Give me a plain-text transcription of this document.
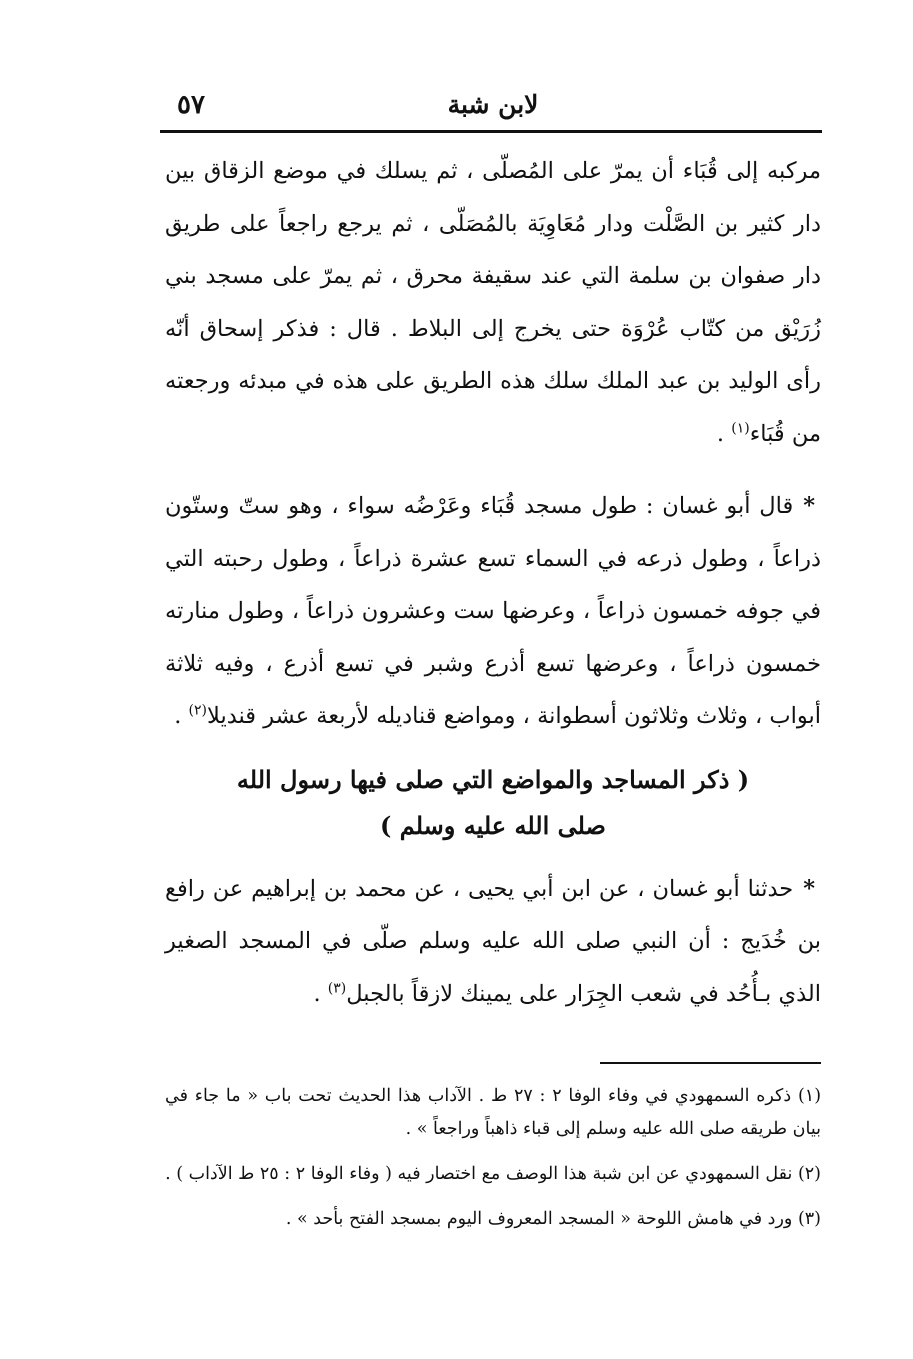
لابن شبة
٥٧

مركبه إلى قُبَاء أن يمرّ على المُصلّى ، ثم يسلك في موضع الزقاق بين دار كثير بن الصَّلْت ودار مُعَاوِيَة بالمُصَلّى ، ثم يرجع راجعاً على طريق دار صفوان بن سلمة التي عند سقيفة محرق ، ثم يمرّ على مسجد بني زُرَيْق من كتّاب عُرْوَة حتى يخرج إلى البلاط . قال : فذكر إسحاق أنّه رأى الوليد بن عبد الملك سلك هذه الطريق على هذه في مبدئه ورجعته من قُبَاء$^{(١)}$ .

*قال أبو غسان : طول مسجد قُبَاء وعَرْضُه سواء ، وهو ستّ وستّون ذراعاً ، وطول ذرعه في السماء تسع عشرة ذراعاً ، وطول رحبته التي في جوفه خمسون ذراعاً ، وعرضها ست وعشرون ذراعاً ، وطول منارته خمسون ذراعاً ، وعرضها تسع أذرع وشبر في تسع أذرع ، وفيه ثلاثة أبواب ، وثلاث وثلاثون أسطوانة ، ومواضع قناديله لأربعة عشر قنديلا$^{(٢)}$ .

( ذكر المساجد والمواضع التي صلى فيها رسول الله
صلى الله عليه وسلم )

*حدثنا أبو غسان ، عن ابن أبي يحيى ، عن محمد بن إبراهيم عن رافع بن خُدَيج : أن النبي صلى الله عليه وسلم صلّى في المسجد الصغير الذي بـأُحُد في شعب الجِرَار على يمينك لازقاً بالجبل$^{(٣)}$ .

(١) ذكره السمهودي في وفاء الوفا ٢ : ٢٧ ط . الآداب هذا الحديث تحت باب « ما جاء في بيان طريقه صلى الله عليه وسلم إلى قباء ذاهباً وراجعاً » .

(٢) نقل السمهودي عن ابن شبة هذا الوصف مع اختصار فيه ( وفاء الوفا ٢ : ٢٥ ط الآداب ) .

(٣) ورد في هامش اللوحة « المسجد المعروف اليوم بمسجد الفتح بأحد » .
